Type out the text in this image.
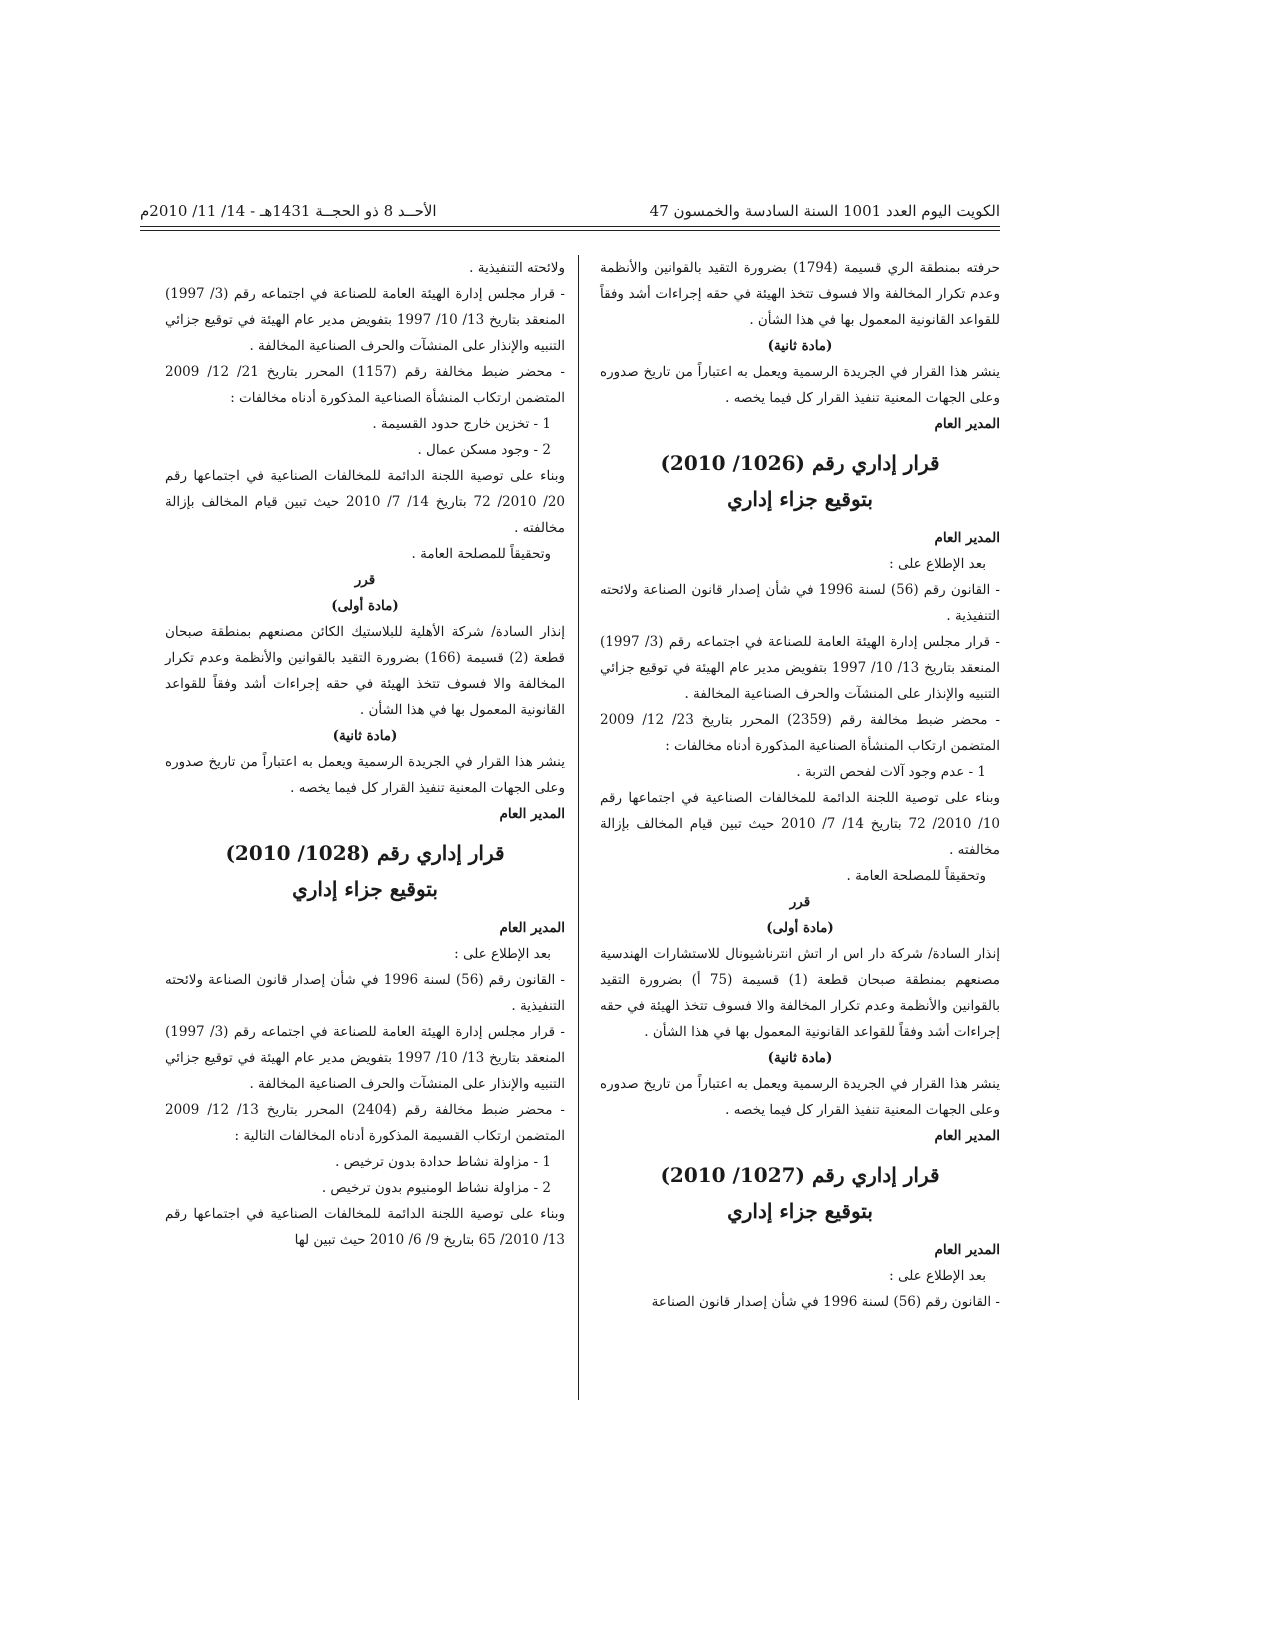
الكويت اليوم العدد 1001 السنة السادسة والخمسون 47
الأحــد 8 ذو الحجــة 1431هـ - 14/ 11/ 2010م

حرفته بمنطقة الري قسيمة (1794) بضرورة التقيد بالقوانين والأنظمة وعدم تكرار المخالفة والا فسوف تتخذ الهيئة في حقه إجراءات أشد وفقاً للقواعد القانونية المعمول بها في هذا الشأن .

(مادة ثانية)

ينشر هذا القرار في الجريدة الرسمية ويعمل به اعتباراً من تاريخ صدوره وعلى الجهات المعنية تنفيذ القرار كل فيما يخصه .

المدير العام

قرار إداري رقم (1026/ 2010)

بتوقيع جزاء إداري

المدير العام

بعد الإطلاع على :

- القانون رقم (56) لسنة 1996 في شأن إصدار قانون الصناعة ولائحته التنفيذية .

- قرار مجلس إدارة الهيئة العامة للصناعة في اجتماعه رقم (3/ 1997) المنعقد بتاريخ 13/ 10/ 1997 بتفويض مدير عام الهيئة في توقيع جزائي التنبيه والإنذار على المنشآت والحرف الصناعية المخالفة .

- محضر ضبط مخالفة رقم (2359) المحرر بتاريخ 23/ 12/ 2009 المتضمن ارتكاب المنشأة الصناعية المذكورة أدناه مخالفات :

1 - عدم وجود آلات لفحص التربة .

وبناء على توصية اللجنة الدائمة للمخالفات الصناعية في اجتماعها رقم 10/ 2010/ 72 بتاريخ 14/ 7/ 2010 حيث تبين قيام المخالف بإزالة مخالفته .

وتحقيقاً للمصلحة العامة .

قرر

(مادة أولى)

إنذار السادة/ شركة دار اس ار اتش انترناشيونال للاستشارات الهندسية مصنعهم بمنطقة صبحان قطعة (1) قسيمة (75 أ) بضرورة التقيد بالقوانين والأنظمة وعدم تكرار المخالفة والا فسوف تتخذ الهيئة في حقه إجراءات أشد وفقاً للقواعد القانونية المعمول بها في هذا الشأن .

(مادة ثانية)

ينشر هذا القرار في الجريدة الرسمية ويعمل به اعتباراً من تاريخ صدوره وعلى الجهات المعنية تنفيذ القرار كل فيما يخصه .

المدير العام

قرار إداري رقم (1027/ 2010)

بتوقيع جزاء إداري

المدير العام

بعد الإطلاع على :

- القانون رقم (56) لسنة 1996 في شأن إصدار قانون الصناعة

ولائحته التنفيذية .

- قرار مجلس إدارة الهيئة العامة للصناعة في اجتماعه رقم (3/ 1997) المنعقد بتاريخ 13/ 10/ 1997 بتفويض مدير عام الهيئة في توقيع جزائي التنبيه والإنذار على المنشآت والحرف الصناعية المخالفة .

- محضر ضبط مخالفة رقم (1157) المحرر بتاريخ 21/ 12/ 2009 المتضمن ارتكاب المنشأة الصناعية المذكورة أدناه مخالفات :

1 - تخزين خارج حدود القسيمة .

2 - وجود مسكن عمال .

وبناء على توصية اللجنة الدائمة للمخالفات الصناعية في اجتماعها رقم 20/ 2010/ 72 بتاريخ 14/ 7/ 2010 حيث تبين قيام المخالف بإزالة مخالفته .

وتحقيقاً للمصلحة العامة .

قرر

(مادة أولى)

إنذار السادة/ شركة الأهلية للبلاستيك الكائن مصنعهم بمنطقة صبحان قطعة (2) قسيمة (166) بضرورة التقيد بالقوانين والأنظمة وعدم تكرار المخالفة والا فسوف تتخذ الهيئة في حقه إجراءات أشد وفقاً للقواعد القانونية المعمول بها في هذا الشأن .

(مادة ثانية)

ينشر هذا القرار في الجريدة الرسمية ويعمل به اعتباراً من تاريخ صدوره وعلى الجهات المعنية تنفيذ القرار كل فيما يخصه .

المدير العام

قرار إداري رقم (1028/ 2010)

بتوقيع جزاء إداري

المدير العام

بعد الإطلاع على :

- القانون رقم (56) لسنة 1996 في شأن إصدار قانون الصناعة ولائحته التنفيذية .

- قرار مجلس إدارة الهيئة العامة للصناعة في اجتماعه رقم (3/ 1997) المنعقد بتاريخ 13/ 10/ 1997 بتفويض مدير عام الهيئة في توقيع جزائي التنبيه والإنذار على المنشآت والحرف الصناعية المخالفة .

- محضر ضبط مخالفة رقم (2404) المحرر بتاريخ 13/ 12/ 2009 المتضمن ارتكاب القسيمة المذكورة أدناه المخالفات التالية :

1 - مزاولة نشاط حدادة بدون ترخيص .

2 - مزاولة نشاط الومنيوم بدون ترخيص .

وبناء على توصية اللجنة الدائمة للمخالفات الصناعية في اجتماعها رقم 13/ 2010/ 65 بتاريخ 9/ 6/ 2010 حيث تبين لها
